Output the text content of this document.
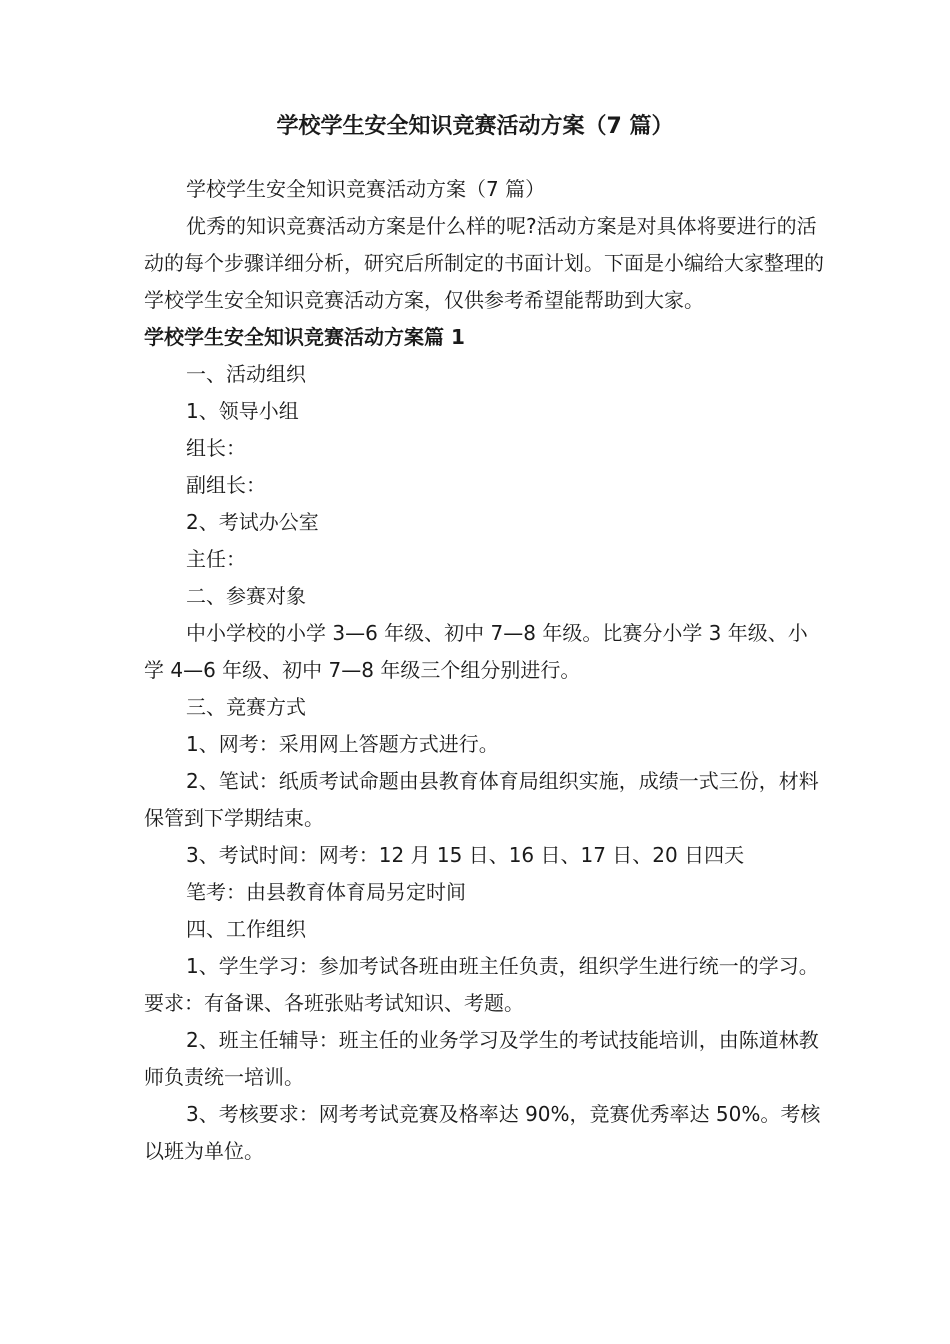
学校学生安全知识竞赛活动方案（7 篇）

学校学生安全知识竞赛活动方案（7 篇）

优秀的知识竞赛活动方案是什么样的呢?活动方案是对具体将要进行的活动的每个步骤详细分析，研究后所制定的书面计划。下面是小编给大家整理的学校学生安全知识竞赛活动方案，仅供参考希望能帮助到大家。

学校学生安全知识竞赛活动方案篇 1

一、活动组织

1、领导小组

组长：

副组长：

2、考试办公室

主任：

二、参赛对象

中小学校的小学 3—6 年级、初中 7—8 年级。比赛分小学 3 年级、小学 4—6 年级、初中 7—8 年级三个组分别进行。

三、竞赛方式

1、网考：采用网上答题方式进行。

2、笔试：纸质考试命题由县教育体育局组织实施，成绩一式三份，材料保管到下学期结束。

3、考试时间：网考：12 月 15 日、16 日、17 日、20 日四天

笔考：由县教育体育局另定时间

四、工作组织

1、学生学习：参加考试各班由班主任负责，组织学生进行统一的学习。要求：有备课、各班张贴考试知识、考题。

2、班主任辅导：班主任的业务学习及学生的考试技能培训，由陈道林教师负责统一培训。

3、考核要求：网考考试竞赛及格率达 90%，竞赛优秀率达 50%。考核以班为单位。
